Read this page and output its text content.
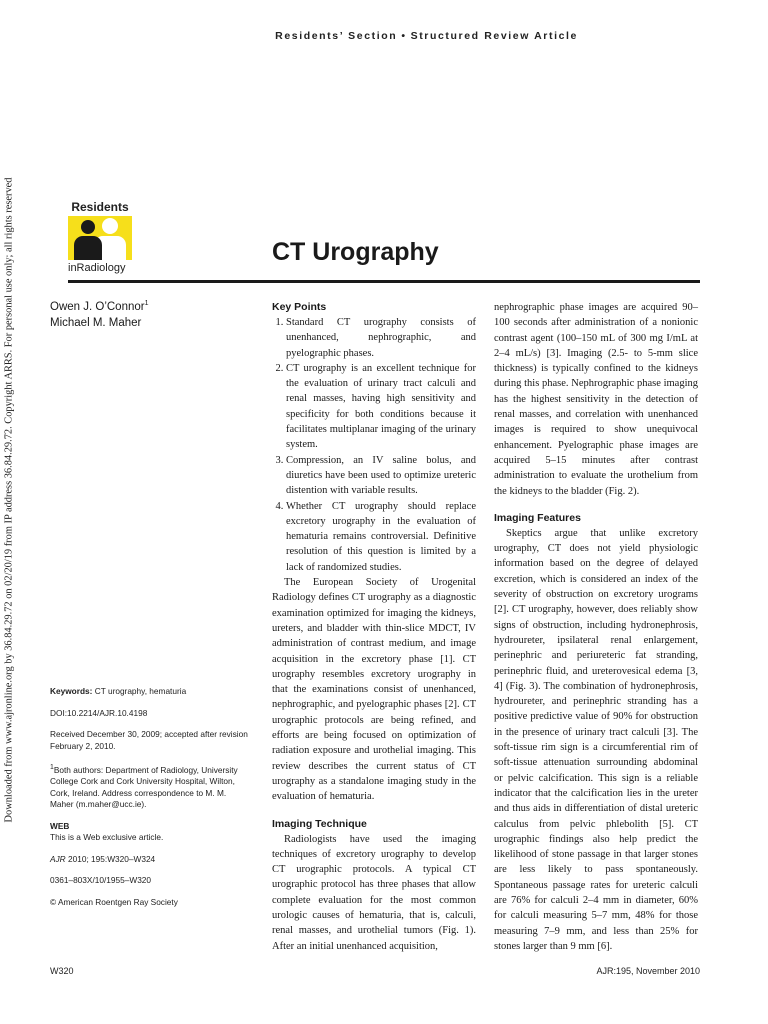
Residents’ Section • Structured Review Article
Downloaded from www.ajronline.org by 36.84.29.72 on 02/20/19 from IP address 36.84.29.72. Copyright ARRS. For personal use only; all rights reserved	Residents
inRadiology
CT Urography
Owen J. O’Connor$^1$
Michael M. Maher

Keywords: CT urography, hematuria

DOI:10.2214/AJR.10.4198

Received December 30, 2009; accepted after revision February 2, 2010.

$^1$Both authors: Department of Radiology, University College Cork and Cork University Hospital, Wilton, Cork, Ireland. Address correspondence to M. M. Maher (m.maher@ucc.ie).

WEB

This is a Web exclusive article.

AJR 2010; 195:W320–W324

0361–803X/10/1955–W320

© American Roentgen Ray Society

Key Points
1. Standard CT urography consists of unenhanced, nephrographic, and pyelographic phases.
2. CT urography is an excellent technique for the evaluation of urinary tract calculi and renal masses, having high sensitivity and specificity for both conditions because it facilitates multiplanar imaging of the urinary system.
3. Compression, an IV saline bolus, and diuretics have been used to optimize ureteric distention with variable results.
4. Whether CT urography should replace excretory urography in the evaluation of hematuria remains controversial. Definitive resolution of this question is limited by a lack of randomized studies.

The European Society of Urogenital Radiology defines CT urography as a diagnostic examination optimized for imaging the kidneys, ureters, and bladder with thin-slice MDCT, IV administration of contrast medium, and image acquisition in the excretory phase [1]. CT urography resembles excretory urography in that the examinations consist of unenhanced, nephrographic, and pyelographic phases [2]. CT urographic protocols are being refined, and efforts are being focused on optimization of radiation exposure and urothelial imaging. This review describes the current status of CT urography as a standalone imaging study in the evaluation of hematuria.

Imaging Technique

Radiologists have used the imaging techniques of excretory urography to develop CT urographic protocols. A typical CT urographic protocol has three phases that allow complete evaluation for the most common urologic causes of hematuria, that is, calculi, renal masses, and urothelial tumors (Fig. 1). After an initial unenhanced acquisition,

nephrographic phase images are acquired 90–100 seconds after administration of a nonionic contrast agent (100–150 mL of 300 mg I/mL at 2–4 mL/s) [3]. Imaging (2.5- to 5-mm slice thickness) is typically confined to the kidneys during this phase. Nephrographic phase imaging has the highest sensitivity in the detection of renal masses, and correlation with unenhanced images is required to show unequivocal enhancement. Pyelographic phase images are acquired 5–15 minutes after contrast administration to evaluate the urothelium from the kidneys to the bladder (Fig. 2).

Imaging Features

Skeptics argue that unlike excretory urography, CT does not yield physiologic information based on the degree of delayed excretion, which is considered an index of the severity of obstruction on excretory urograms [2]. CT urography, however, does reliably show signs of obstruction, including hydronephrosis, hydroureter, ipsilateral renal enlargement, perinephric and periureteric fat stranding, perinephric fluid, and ureterovesical edema [3, 4] (Fig. 3). The combination of hydronephrosis, hydroureter, and perinephric stranding has a positive predictive value of 90% for obstruction in the presence of urinary tract calculi [3]. The soft-tissue rim sign is a circumferential rim of soft-tissue attenuation surrounding abdominal or pelvic calcification. This sign is a reliable indicator that the calcification lies in the ureter and thus aids in differentiation of distal ureteric calculus from pelvic phlebolith [5]. CT urographic findings also help predict the likelihood of stone passage in that larger stones are less likely to pass spontaneously. Spontaneous passage rates for ureteric calculi are 76% for calculi 2–4 mm in diameter, 60% for calculi measuring 5–7 mm, 48% for those measuring 7–9 mm, and less than 25% for stones larger than 9 mm [6].

W320	AJR:195, November 2010
